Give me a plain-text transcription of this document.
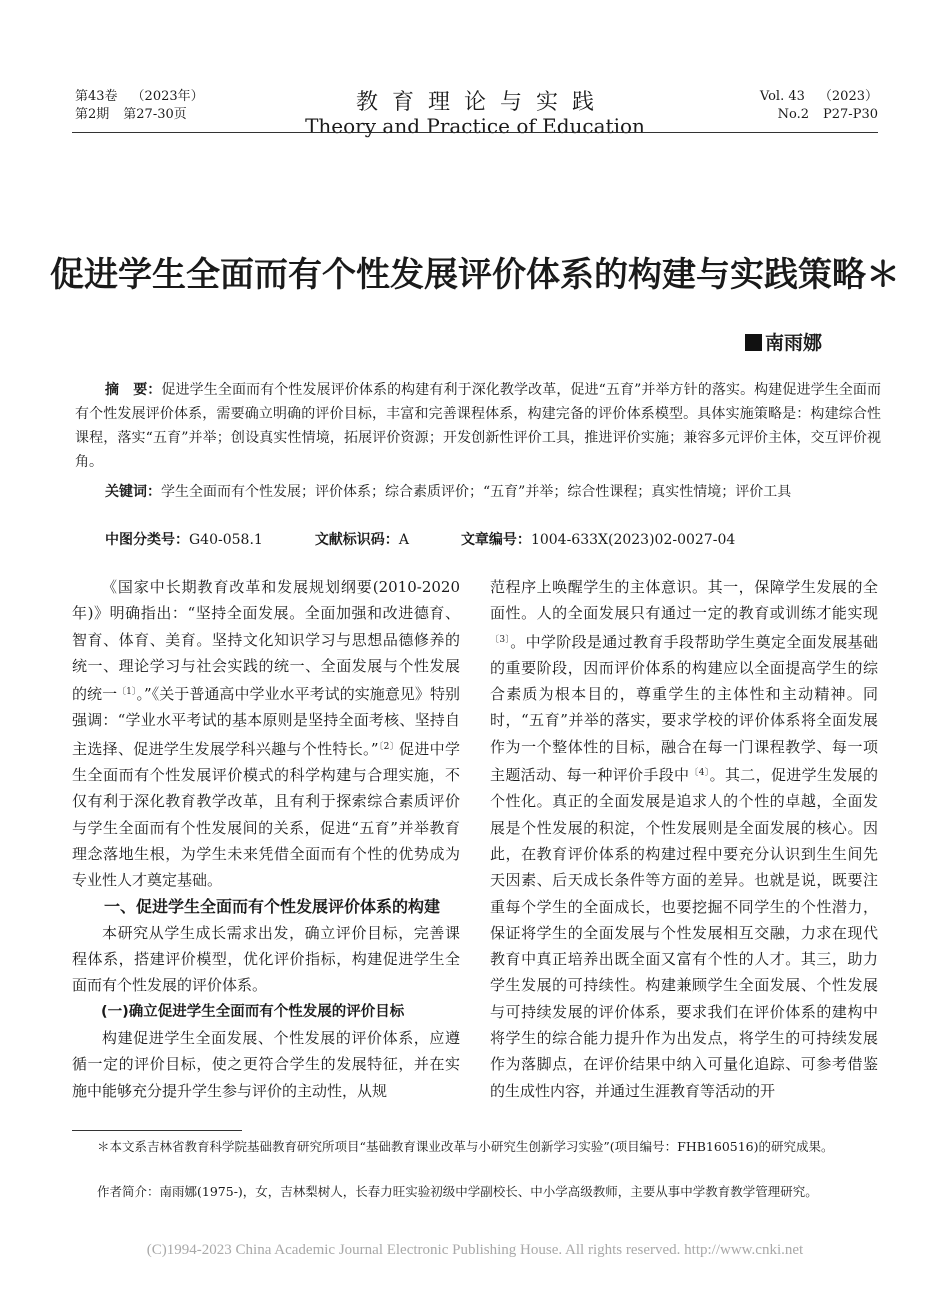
第43卷 （2023年）
第2期 第27-30页	教育理论与实践
Theory and Practice of Education
Vol. 43 （2023）
No.2 P27-P30
促进学生全面而有个性发展评价体系的构建与实践策略＊
南雨娜
摘　要：促进学生全面而有个性发展评价体系的构建有利于深化教学改革，促进“五育”并举方针的落实。构建促进学生全面而有个性发展评价体系，需要确立明确的评价目标，丰富和完善课程体系，构建完备的评价体系模型。具体实施策略是：构建综合性课程，落实“五育”并举；创设真实性情境，拓展评价资源；开发创新性评价工具，推进评价实施；兼容多元评价主体，交互评价视角。
关键词：学生全面而有个性发展；评价体系；综合素质评价；“五育”并举；综合性课程；真实性情境；评价工具
中图分类号：G40-058.1	文献标识码：A	文章编号：1004-633X(2023)02-0027-04

《国家中长期教育改革和发展规划纲要(2010-2020年)》明确指出：“坚持全面发展。全面加强和改进德育、智育、体育、美育。坚持文化知识学习与思想品德修养的统一、理论学习与社会实践的统一、全面发展与个性发展的统一$^{〔1〕}$。”《关于普通高中学业水平考试的实施意见》特别强调：“学业水平考试的基本原则是坚持全面考核、坚持自主选择、促进学生发展学科兴趣与个性特长。”$^{〔2〕}$促进中学生全面而有个性发展评价模式的科学构建与合理实施，不仅有利于深化教育教学改革，且有利于探索综合素质评价与学生全面而有个性发展间的关系，促进“五育”并举教育理念落地生根，为学生未来凭借全面而有个性的优势成为专业性人才奠定基础。

一、促进学生全面而有个性发展评价体系的构建

本研究从学生成长需求出发，确立评价目标，完善课程体系，搭建评价模型，优化评价指标，构建促进学生全面而有个性发展的评价体系。

(一)确立促进学生全面而有个性发展的评价目标

构建促进学生全面发展、个性发展的评价体系，应遵循一定的评价目标，使之更符合学生的发展特征，并在实施中能够充分提升学生参与评价的主动性，从规

范程序上唤醒学生的主体意识。其一，保障学生发展的全面性。人的全面发展只有通过一定的教育或训练才能实现$^{〔3〕}$。中学阶段是通过教育手段帮助学生奠定全面发展基础的重要阶段，因而评价体系的构建应以全面提高学生的综合素质为根本目的，尊重学生的主体性和主动精神。同时，“五育”并举的落实，要求学校的评价体系将全面发展作为一个整体性的目标，融合在每一门课程教学、每一项主题活动、每一种评价手段中$^{〔4〕}$。其二，促进学生发展的个性化。真正的全面发展是追求人的个性的卓越，全面发展是个性发展的积淀，个性发展则是全面发展的核心。因此，在教育评价体系的构建过程中要充分认识到生生间先天因素、后天成长条件等方面的差异。也就是说，既要注重每个学生的全面成长，也要挖掘不同学生的个性潜力，保证将学生的全面发展与个性发展相互交融，力求在现代教育中真正培养出既全面又富有个性的人才。其三，助力学生发展的可持续性。构建兼顾学生全面发展、个性发展与可持续发展的评价体系，要求我们在评价体系的建构中将学生的综合能力提升作为出发点，将学生的可持续发展作为落脚点，在评价结果中纳入可量化追踪、可参考借鉴的生成性内容，并通过生涯教育等活动的开

＊本文系吉林省教育科学院基础教育研究所项目“基础教育课业改革与小研究生创新学习实验”(项目编号：FHB160516)的研究成果。
作者简介：南雨娜(1975-)，女，吉林梨树人，长春力旺实验初级中学副校长、中小学高级教师，主要从事中学教育教学管理研究。
(C)1994-2023 China Academic Journal Electronic Publishing House. All rights reserved. http://www.cnki.net
